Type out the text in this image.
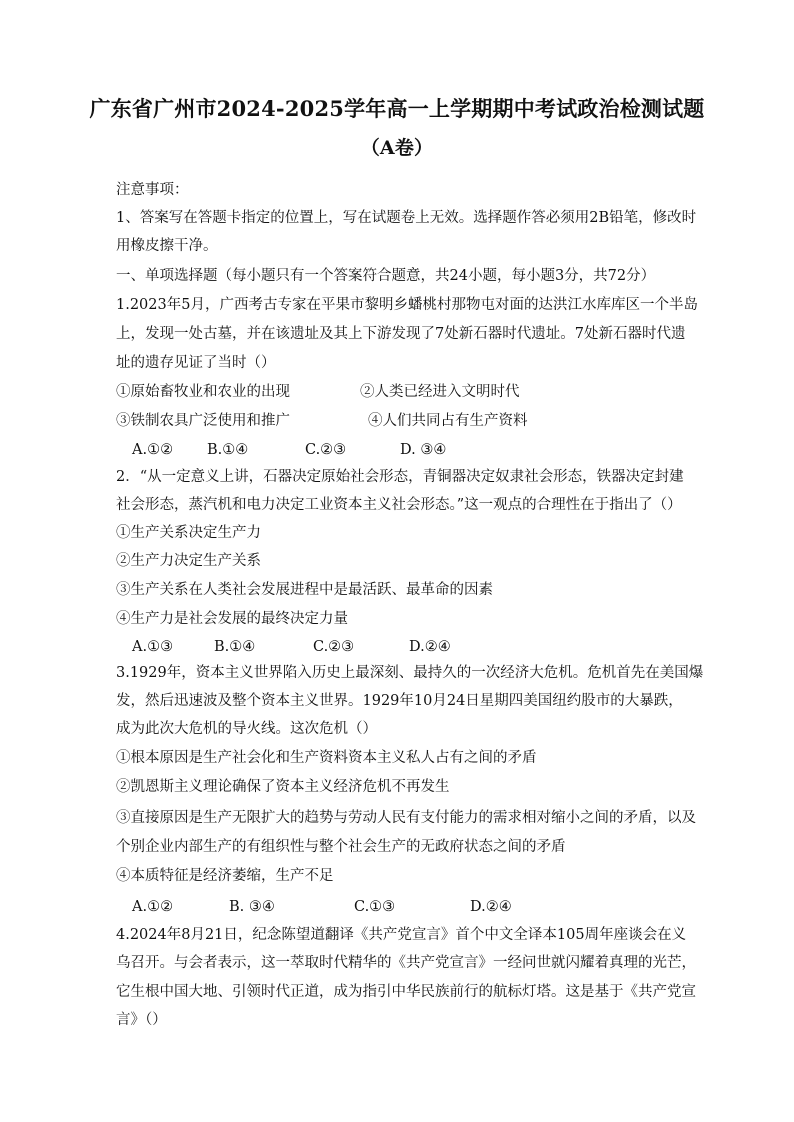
广东省广州市2024-2025学年高一上学期期中考试政治检测试题
（A卷）
注意事项：
1、答案写在答题卡指定的位置上，写在试题卷上无效。选择题作答必须用2B铅笔，修改时
用橡皮擦干净。
一、单项选择题（每小题只有一个答案符合题意，共24小题，每小题3分，共72分）
1.2023年5月，广西考古专家在平果市黎明乡蟠桃村那物屯对面的达洪江水库库区一个半岛
上，发现一处古墓，并在该遗址及其上下游发现了7处新石器时代遗址。7处新石器时代遗
址的遗存见证了当时（）
①原始畜牧业和农业的出现	②人类已经进入文明时代
③铁制农具广泛使用和推广	④人们共同占有生产资料
A.①② B.①④	C.②③	D. ③④
2．“从一定意义上讲，石器决定原始社会形态，青铜器决定奴隶社会形态，铁器决定封建
社会形态，蒸汽机和电力决定工业资本主义社会形态。”这一观点的合理性在于指出了（）
①生产关系决定生产力
②生产力决定生产关系
③生产关系在人类社会发展进程中是最活跃、最革命的因素
④生产力是社会发展的最终决定力量
A.①③	B.①④	C.②③	D.②④
3.1929年，资本主义世界陷入历史上最深刻、最持久的一次经济大危机。危机首先在美国爆
发，然后迅速波及整个资本主义世界。1929年10月24日星期四美国纽约股市的大暴跌，
成为此次大危机的导火线。这次危机（）
①根本原因是生产社会化和生产资料资本主义私人占有之间的矛盾
②凯恩斯主义理论确保了资本主义经济危机不再发生
③直接原因是生产无限扩大的趋势与劳动人民有支付能力的需求相对缩小之间的矛盾，以及
个别企业内部生产的有组织性与整个社会生产的无政府状态之间的矛盾
④本质特征是经济萎缩，生产不足
A.①②	B. ③④	C.①③	D.②④
4.2024年8月21日，纪念陈望道翻译《共产党宣言》首个中文全译本105周年座谈会在义
乌召开。与会者表示，这一萃取时代精华的《共产党宣言》一经问世就闪耀着真理的光芒，
它生根中国大地、引领时代正道，成为指引中华民族前行的航标灯塔。这是基于《共产党宣
言》（）
